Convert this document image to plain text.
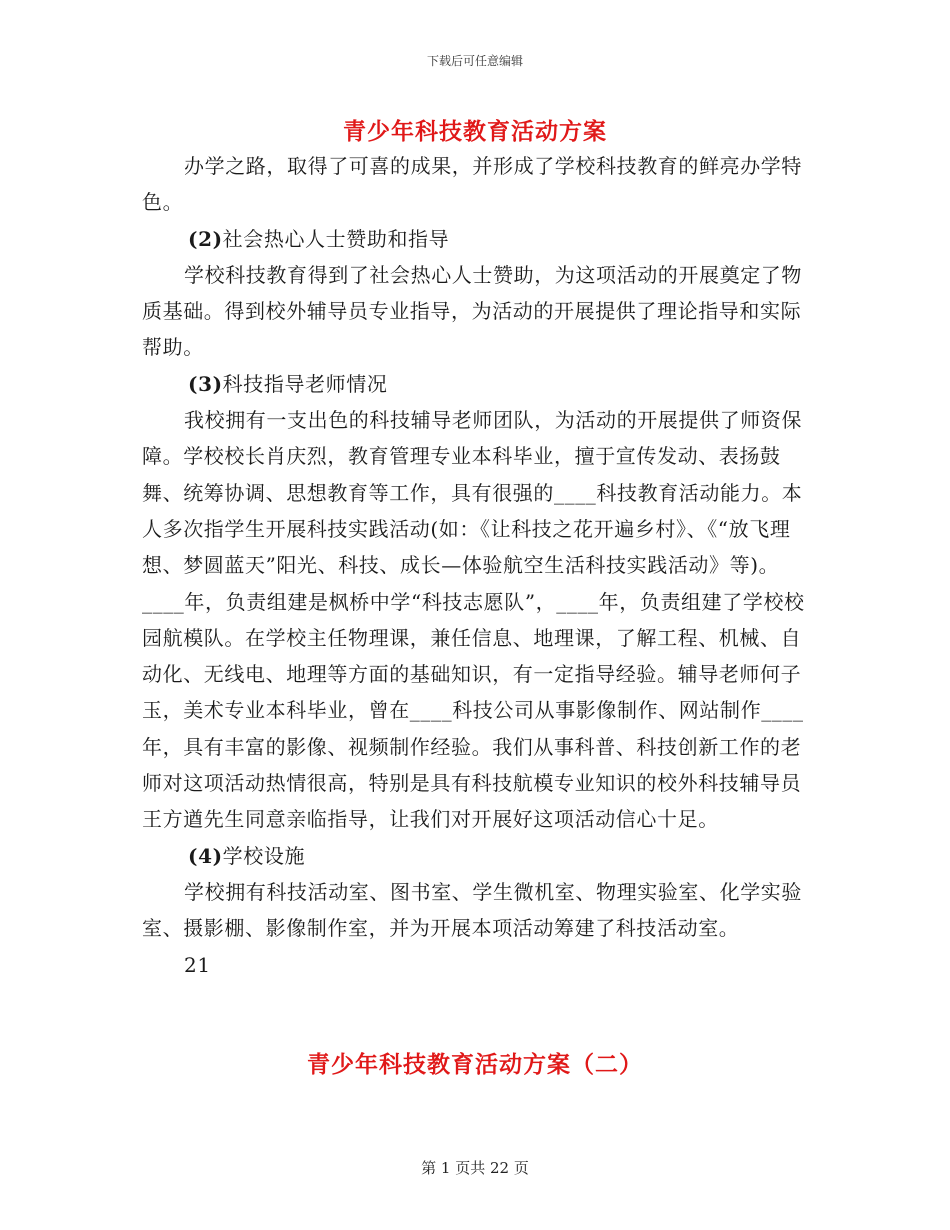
下载后可任意编辑
青少年科技教育活动方案

办学之路，取得了可喜的成果，并形成了学校科技教育的鲜亮办学特色。

(2)社会热心人士赞助和指导

学校科技教育得到了社会热心人士赞助，为这项活动的开展奠定了物质基础。得到校外辅导员专业指导，为活动的开展提供了理论指导和实际帮助。

(3)科技指导老师情况

我校拥有一支出色的科技辅导老师团队，为活动的开展提供了师资保障。学校校长肖庆烈，教育管理专业本科毕业，擅于宣传发动、表扬鼓舞、统筹协调、思想教育等工作，具有很强的____科技教育活动能力。本人多次指学生开展科技实践活动(如：《让科技之花开遍乡村》、《“放飞理想、梦圆蓝天”阳光、科技、成长—体验航空生活科技实践活动》等)。____年，负责组建是枫桥中学“科技志愿队”，____年，负责组建了学校校园航模队。在学校主任物理课，兼任信息、地理课，了解工程、机械、自动化、无线电、地理等方面的基础知识，有一定指导经验。辅导老师何子玉，美术专业本科毕业，曾在____科技公司从事影像制作、网站制作____年，具有丰富的影像、视频制作经验。我们从事科普、科技创新工作的老师对这项活动热情很高，特别是具有科技航模专业知识的校外科技辅导员王方遒先生同意亲临指导，让我们对开展好这项活动信心十足。

(4)学校设施

学校拥有科技活动室、图书室、学生微机室、物理实验室、化学实验室、摄影棚、影像制作室，并为开展本项活动筹建了科技活动室。

21

青少年科技教育活动方案（二）
第 1 页共 22 页
